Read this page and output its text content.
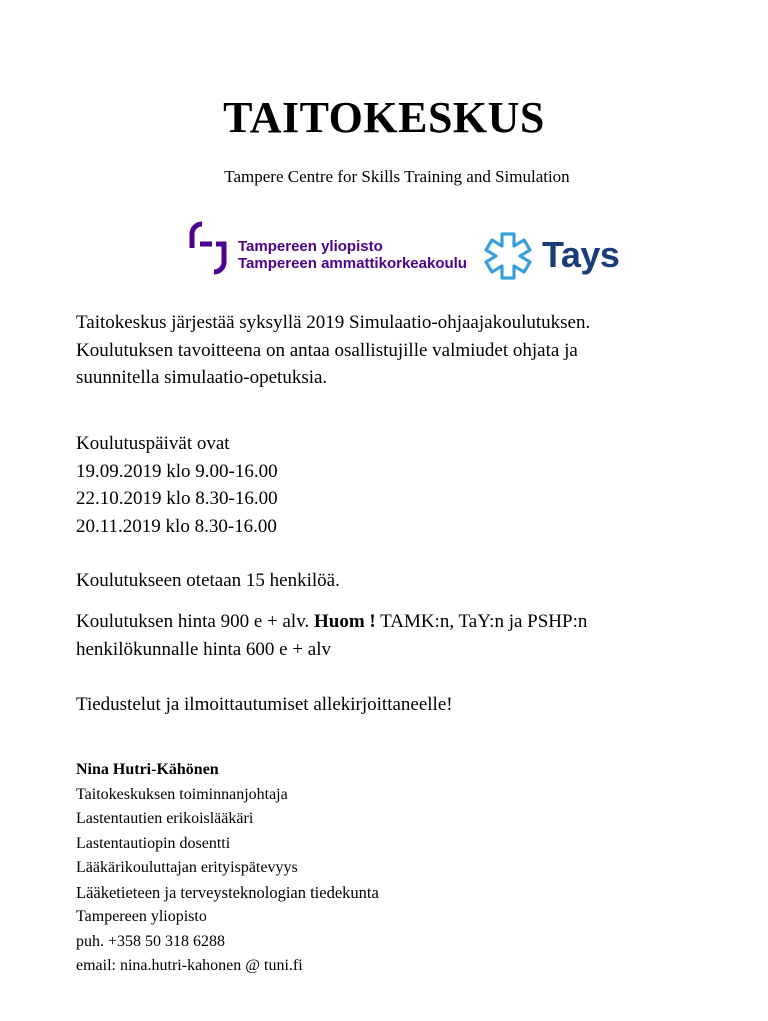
TAITOKESKUS
Tampere Centre for Skills Training and Simulation
Tampereen yliopisto
Tampereen ammattikorkeakoulu Tays
Taitokeskus järjestää syksyllä 2019 Simulaatio-ohjaajakoulutuksen.
Koulutuksen tavoitteena on antaa osallistujille valmiudet ohjata ja
suunnitella simulaatio-opetuksia.
Koulutuspäivät ovat
19.09.2019 klo 9.00-16.00
22.10.2019 klo 8.30-16.00
20.11.2019 klo 8.30-16.00
Koulutukseen otetaan 15 henkilöä.
Koulutuksen hinta 900 e + alv. Huom ! TAMK:n, TaY:n ja PSHP:n
henkilökunnalle hinta 600 e + alv
Tiedustelut ja ilmoittautumiset allekirjoittaneelle!
Nina Hutri-Kähönen
Taitokeskuksen toiminnanjohtaja
Lastentautien erikoislääkäri
Lastentautiopin dosentti
Lääkärikouluttajan erityispätevyys
Lääketieteen ja terveysteknologian tiedekunta
Tampereen yliopisto
puh. +358 50 318 6288
email: nina.hutri-kahonen @ tuni.fi
